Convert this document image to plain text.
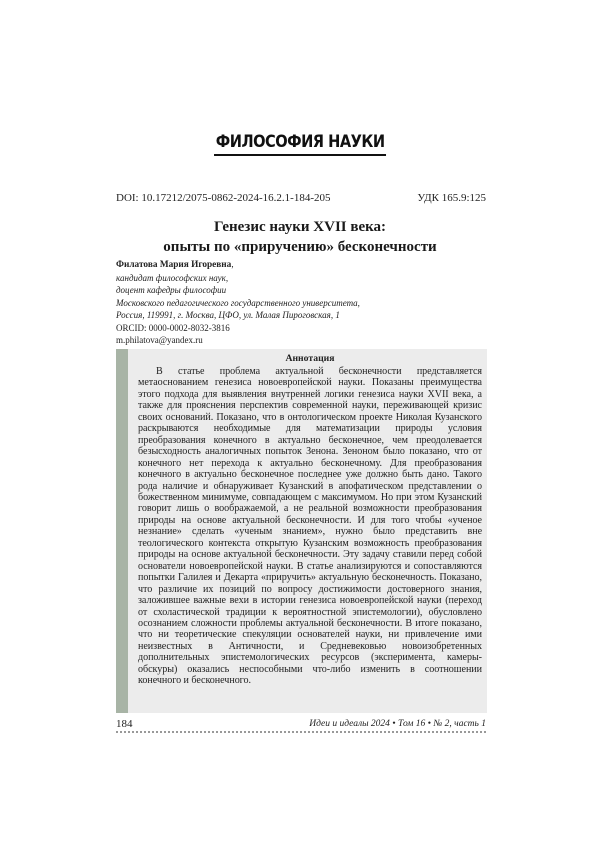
ФИЛОСОФИЯ НАУКИ
DOI: 10.17212/2075-0862-2024-16.2.1-184-205	УДК 165.9:125
Генезис науки XVII века:
опыты по «приручению» бесконечности
Филатова Мария Игоревна,
кандидат философских наук,
доцент кафедры философии
Московского педагогического государственного университета,
Россия, 119991, г. Москва, ЦФО, ул. Малая Пироговская, 1
ORCID: 0000-0002-8032-3816
m.philatova@yandex.ru
Аннотация

В статье проблема актуальной бесконечности представляется метаоснованием генезиса новоевропейской науки. Показаны преимущества этого подхода для выявления внутренней логики генезиса науки XVII века, а также для прояснения перспектив современной науки, переживающей кризис своих оснований. Показано, что в онтологическом проекте Николая Кузанского раскрываются необходимые для математизации природы условия преобразования конечного в актуально бесконечное, чем преодолевается безысходность аналогичных попыток Зенона. Зеноном было показано, что от конечного нет перехода к актуально бесконечному. Для преобразования конечного в актуально бесконечное последнее уже должно быть дано. Такого рода наличие и обнаруживает Кузанский в апофатическом представлении о божественном минимуме, совпадающем с максимумом. Но при этом Кузанский говорит лишь о воображаемой, а не реальной возможности преобразования природы на основе актуальной бесконечности. И для того чтобы «ученое незнание» сделать «ученым знанием», нужно было представить вне теологического контекста открытую Кузанским возможность преобразования природы на основе актуальной бесконечности. Эту задачу ставили перед собой основатели новоевропейской науки. В статье анализируются и сопоставляются попытки Галилея и Декарта «приручить» актуальную бесконечность. Показано, что различие их позиций по вопросу достижимости достоверного знания, заложившее важные вехи в истории генезиса новоевропейской науки (переход от схоластической традиции к вероятностной эпистемологии), обусловлено осознанием сложности проблемы актуальной бесконечности. В итоге показано, что ни теоретические спекуляции основателей науки, ни привлечение ими неизвестных в Античности, и Средневековью новоизобретенных дополнительных эпистемологических ресурсов (эксперимента, камеры-обскуры) оказались неспособными что-либо изменить в соотношении конечного и бесконечного.

184	Идеи и идеалы 2024 • Том 16 • № 2, часть 1
